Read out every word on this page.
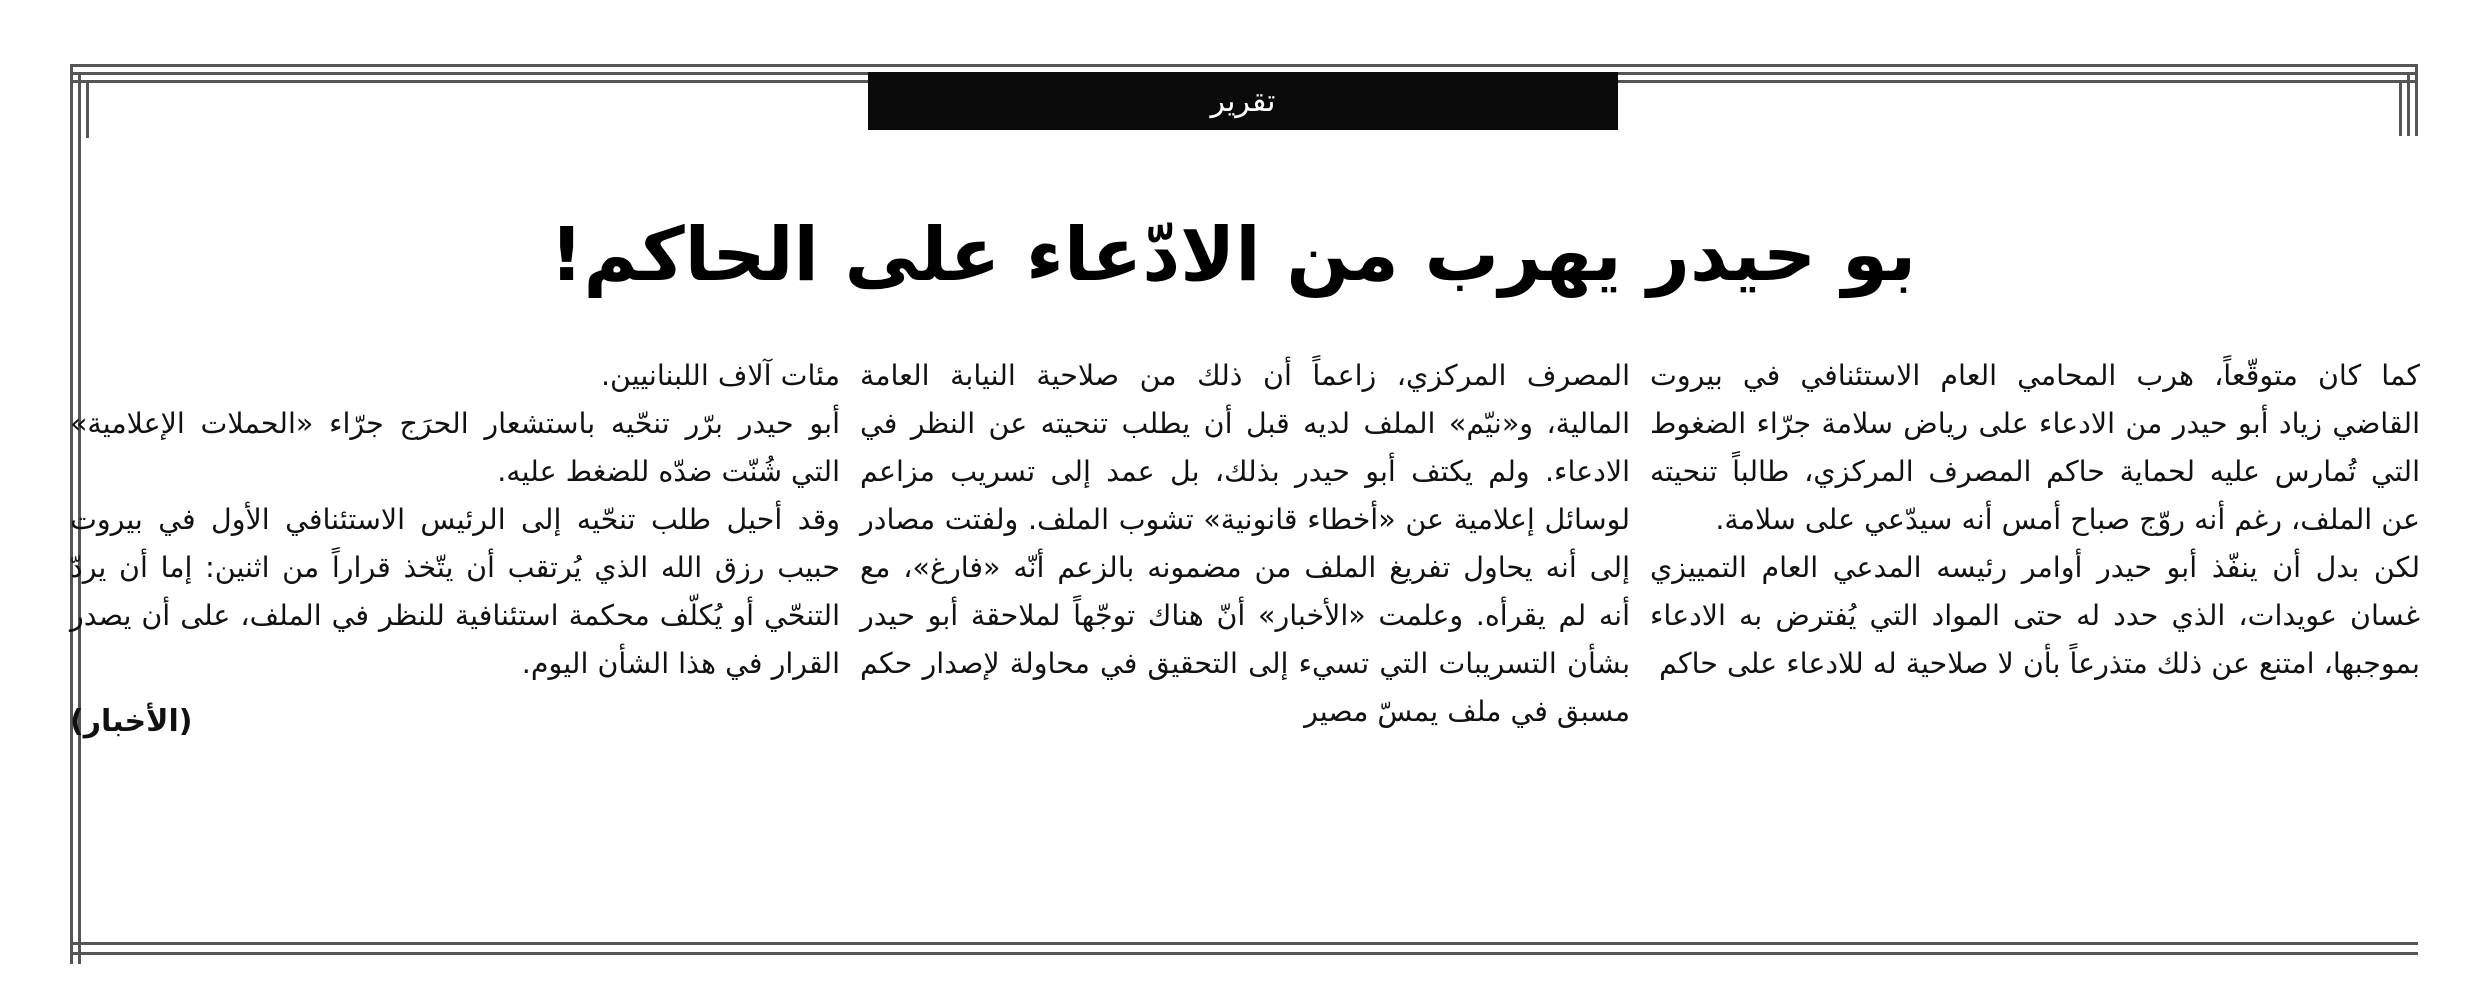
تقرير
بو حيدر يهرب من الادّعاء على الحاكم!

كما كان متوقّعاً، هرب المحامي العام الاستئنافي في بيروت القاضي زياد أبو حيدر من الادعاء على رياض سلامة جرّاء الضغوط التي تُمارس عليه لحماية حاكم المصرف المركزي، طالباً تنحيته عن الملف، رغم أنه روّج صباح أمس أنه سيدّعي على سلامة.

لكن بدل أن ينفّذ أبو حيدر أوامر رئيسه المدعي العام التمييزي غسان عويدات، الذي حدد له حتى المواد التي يُفترض به الادعاء بموجبها، امتنع عن ذلك متذرعاً بأن لا صلاحية له للادعاء على حاكم

المصرف المركزي، زاعماً أن ذلك من صلاحية النيابة العامة المالية، و«نيّم» الملف لديه قبل أن يطلب تنحيته عن النظر في الادعاء. ولم يكتف أبو حيدر بذلك، بل عمد إلى تسريب مزاعم لوسائل إعلامية عن «أخطاء قانونية» تشوب الملف. ولفتت مصادر إلى أنه يحاول تفريغ الملف من مضمونه بالزعم أنّه «فارغ»، مع أنه لم يقرأه. وعلمت «الأخبار» أنّ هناك توجّهاً لملاحقة أبو حيدر بشأن التسريبات التي تسيء إلى التحقيق في محاولة لإصدار حكم مسبق في ملف يمسّ مصير

مئات آلاف اللبنانيين.

أبو حيدر برّر تنحّيه باستشعار الحرَج جرّاء «الحملات الإعلامية» التي شُنّت ضدّه للضغط عليه.

وقد أحيل طلب تنحّيه إلى الرئيس الاستئنافي الأول في بيروت حبيب رزق الله الذي يُرتقب أن يتّخذ قراراً من اثنين: إما أن يردّ التنحّي أو يُكلّف محكمة استئنافية للنظر في الملف، على أن يصدر القرار في هذا الشأن اليوم.

(الأخبار)
